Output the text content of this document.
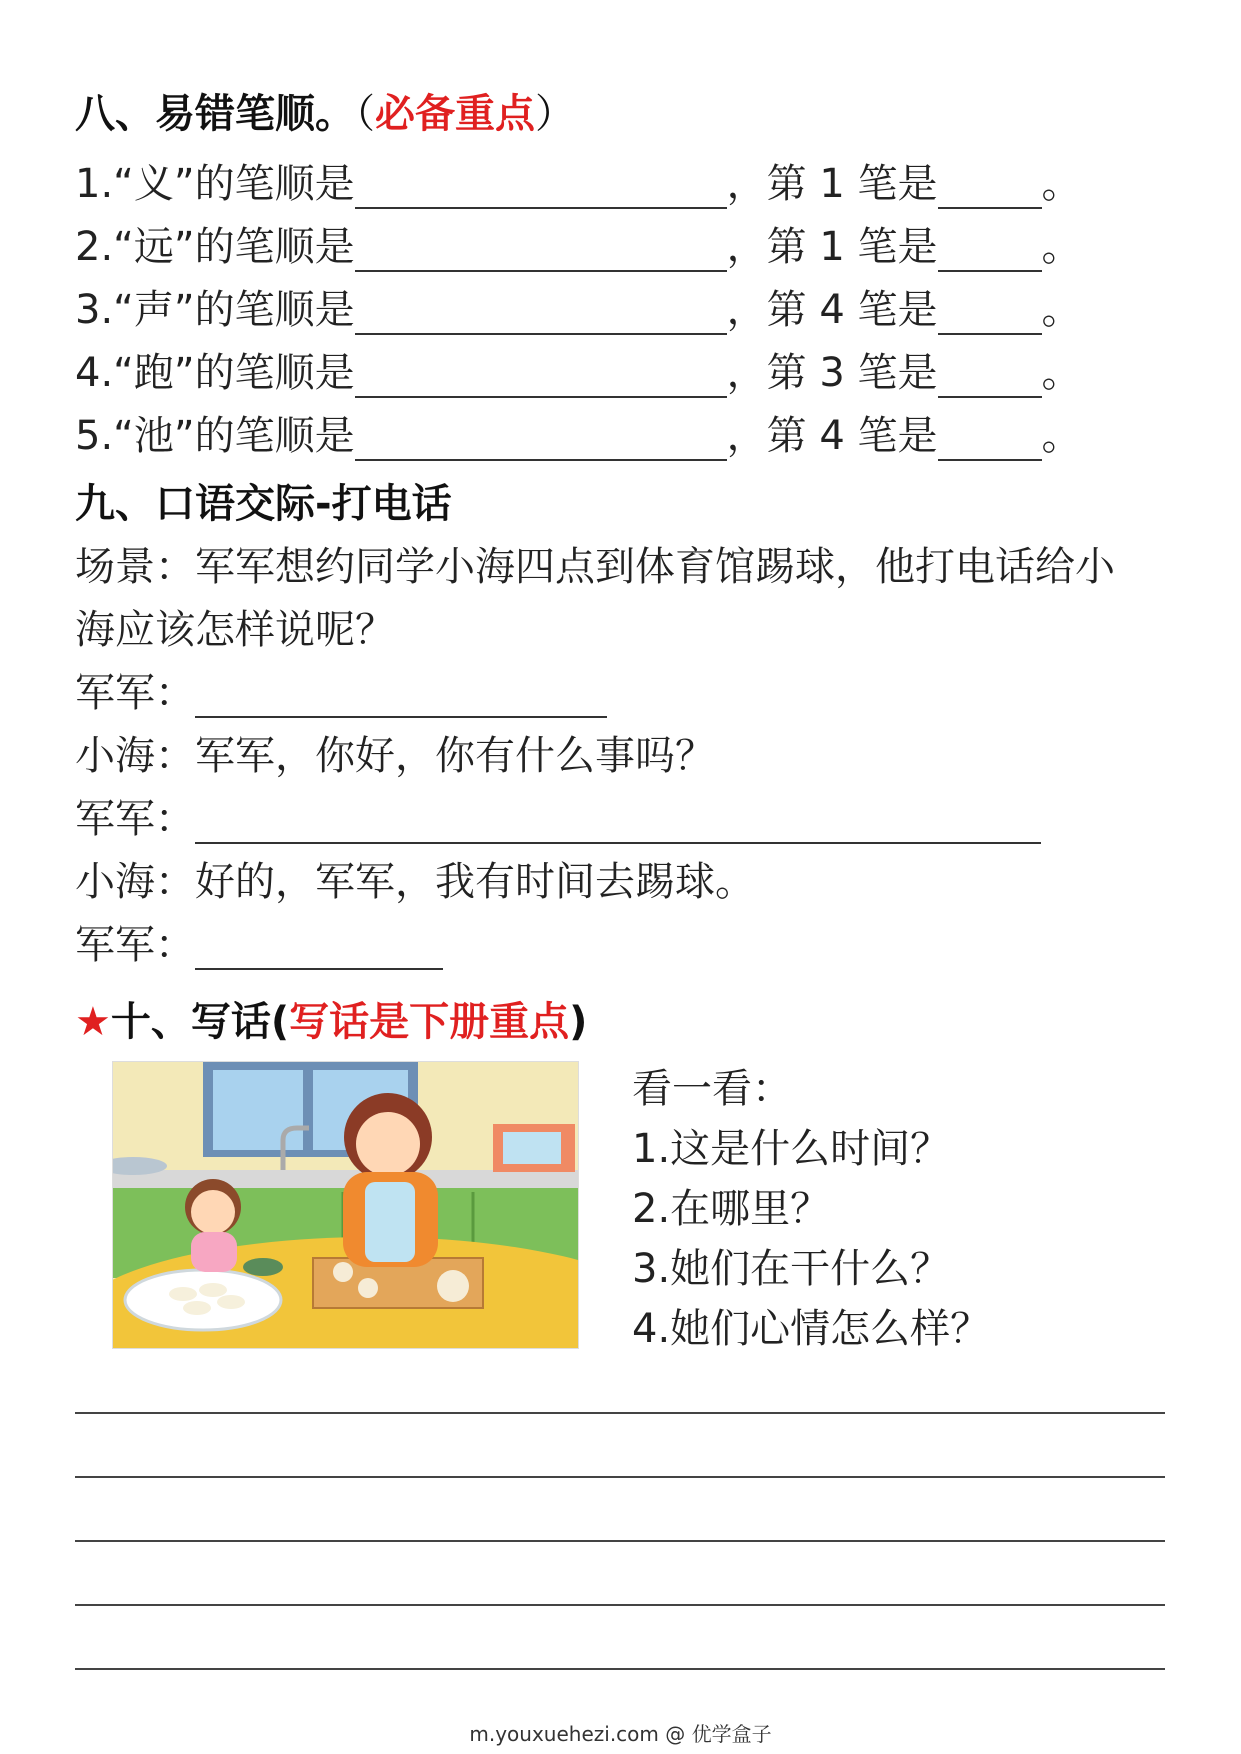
八、易错笔顺。（必备重点）
1.“义”的笔顺是	，第 1 笔是	。
2.“远”的笔顺是	，第 1 笔是	。
3.“声”的笔顺是	，第 4 笔是	。
4.“跑”的笔顺是	，第 3 笔是	。
5.“池”的笔顺是	，第 4 笔是	。
九、口语交际-打电话
场景：军军想约同学小海四点到体育馆踢球，他打电话给小
海应该怎样说呢？
军军：
小海：军军，你好，你有什么事吗？
军军：
小海：好的，军军，我有时间去踢球。
军军：
★十、写话(写话是下册重点)
看一看：
1.这是什么时间？
2.在哪里？
3.她们在干什么？
4.她们心情怎么样？
m.youxuehezi.com @ 优学盒子
